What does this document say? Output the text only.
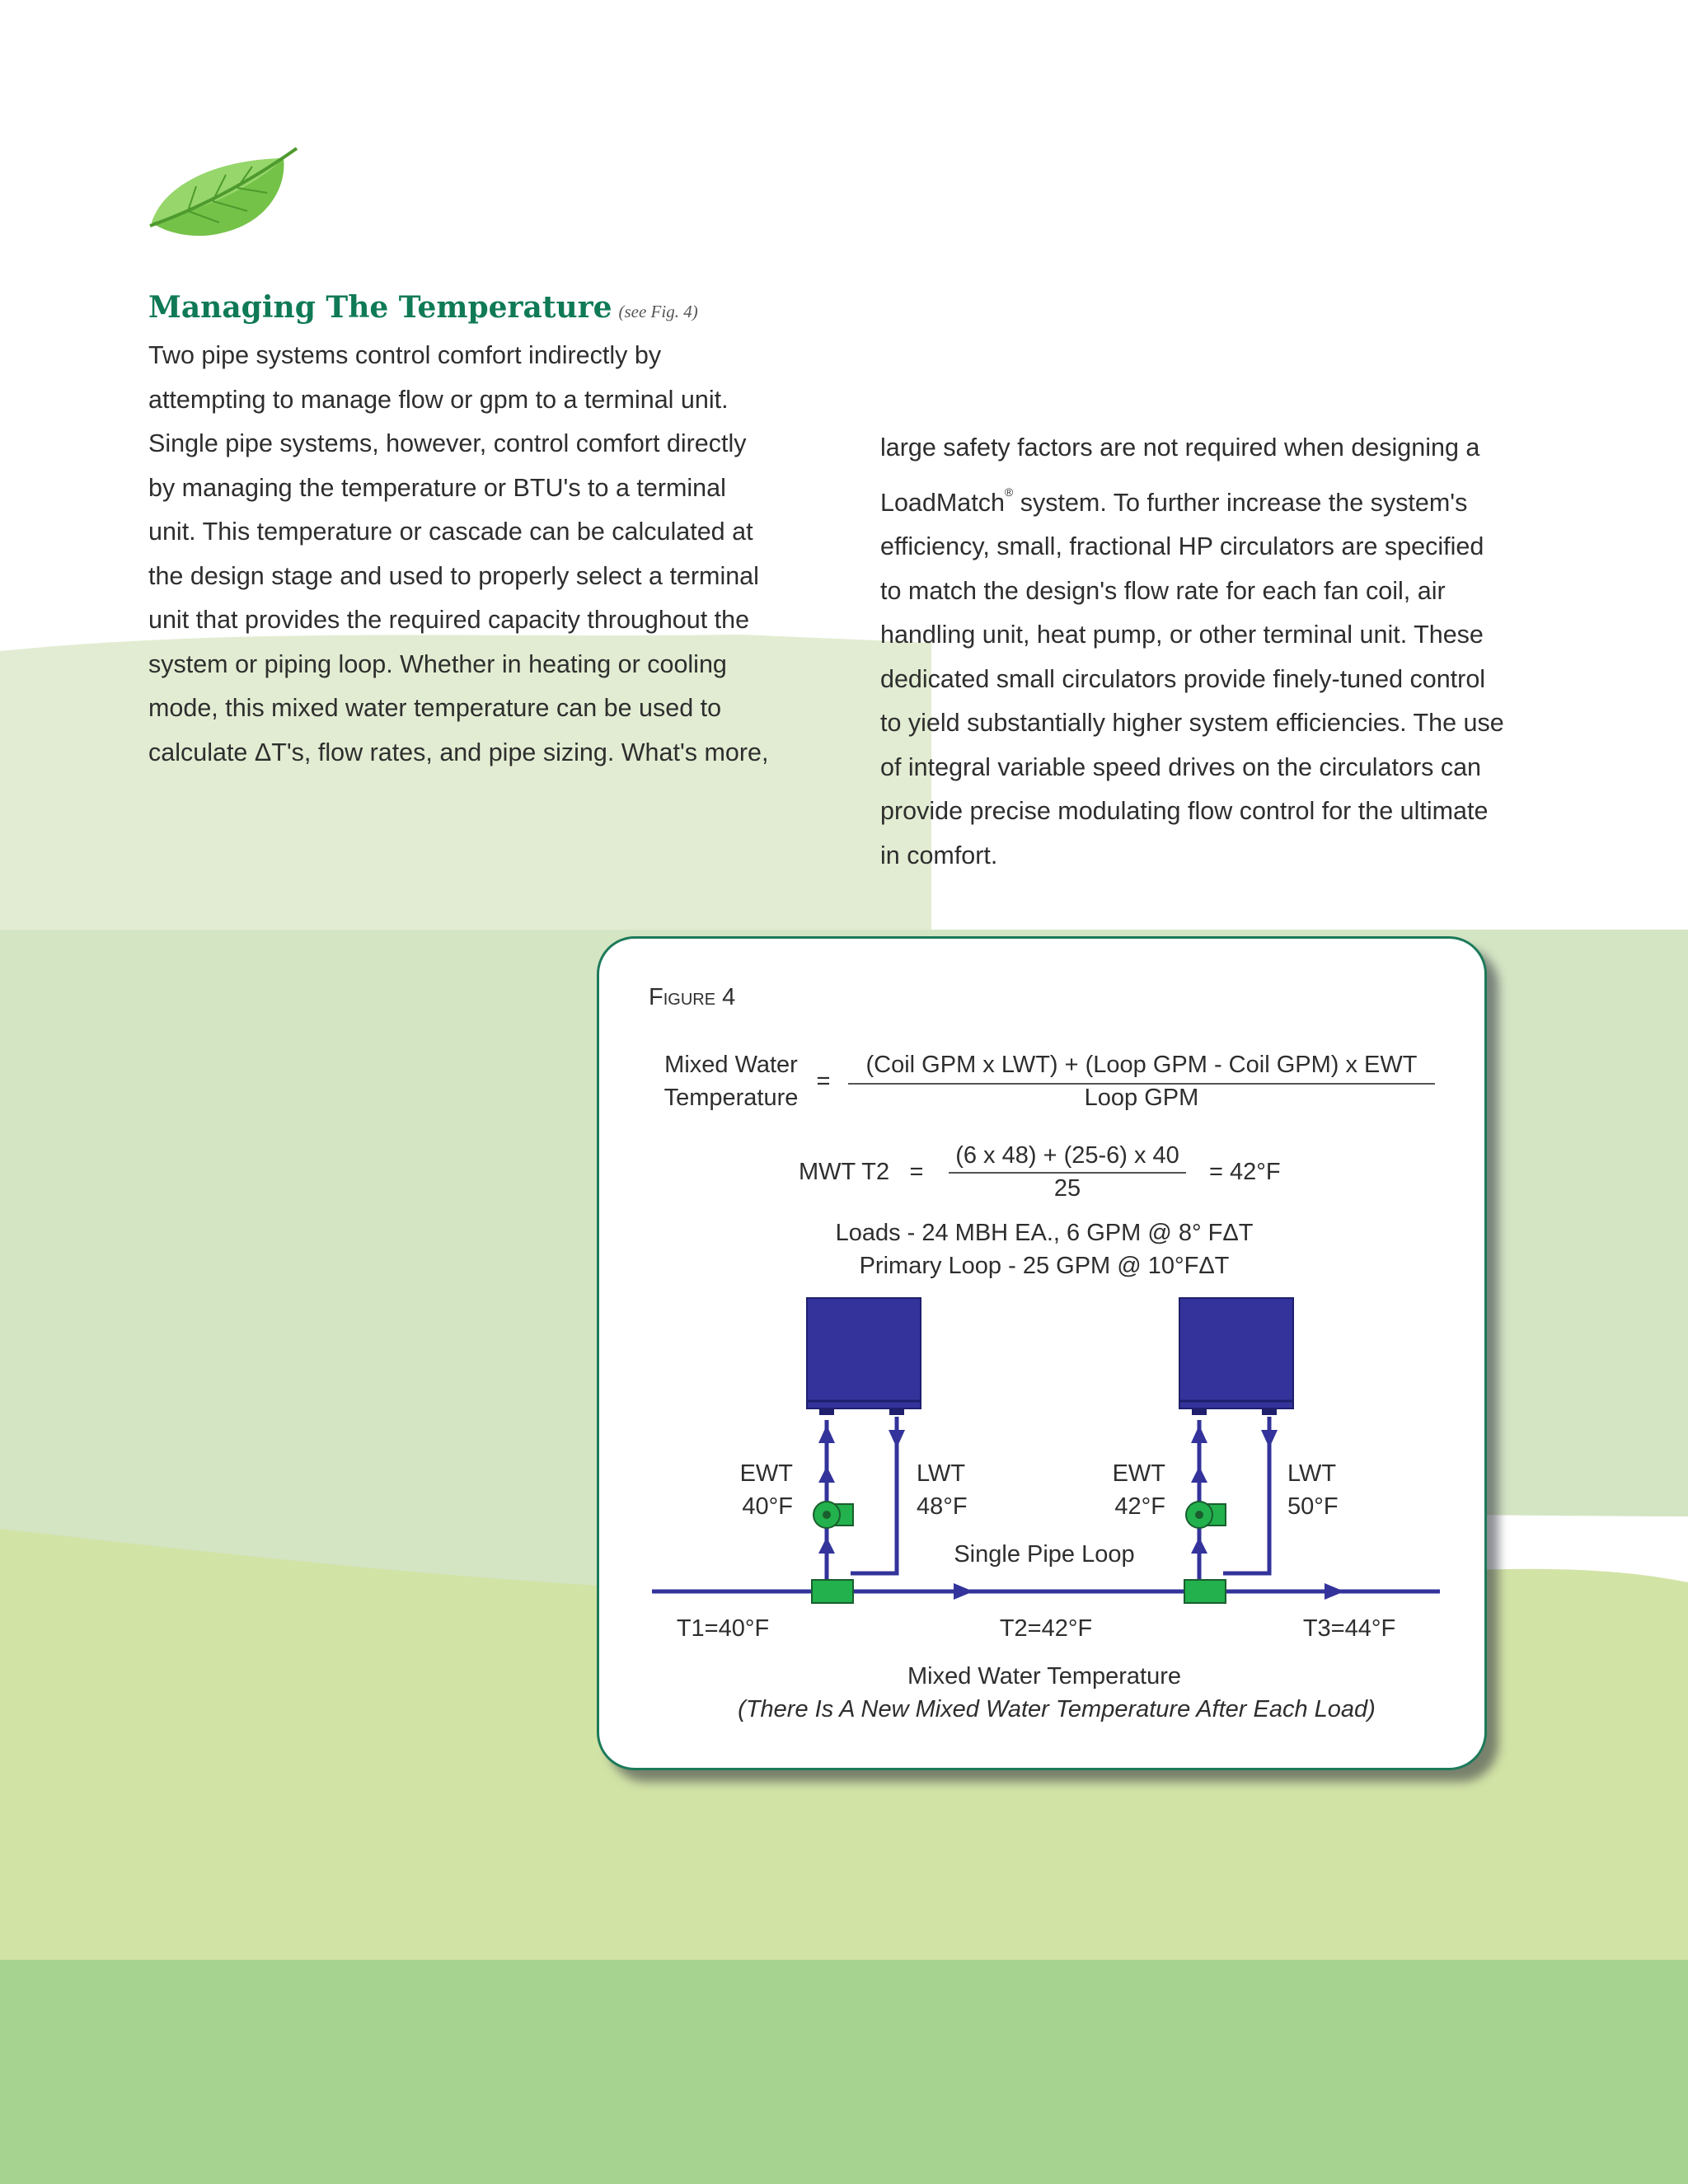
Managing The Temperature (see Fig. 4)
Two pipe systems control comfort indirectly by
attempting to manage flow or gpm to a terminal unit.
Single pipe systems, however, control comfort directly
by managing the temperature or BTU's to a terminal
unit. This temperature or cascade can be calculated at
the design stage and used to properly select a terminal
unit that provides the required capacity throughout the
system or piping loop. Whether in heating or cooling
mode, this mixed water temperature can be used to
calculate ΔT's, flow rates, and pipe sizing. What's more,
large safety factors are not required when designing a
LoadMatch® system. To further increase the system's
efficiency, small, fractional HP circulators are specified
to match the design's flow rate for each fan coil, air
handling unit, heat pump, or other terminal unit. These
dedicated small circulators provide finely-tuned control
to yield substantially higher system efficiencies. The use
of integral variable speed drives on the circulators can
provide precise modulating flow control for the ultimate
in comfort.
Figure 4
Mixed Water
Temperature
=
(Coil GPM x LWT) + (Loop GPM - Coil GPM) x EWT
Loop GPM
MWT T2 =
(6 x 48) + (25-6) x 40
25
= 42°F
Loads - 24 MBH EA., 6 GPM @ 8° FΔT
Primary Loop - 25 GPM @ 10°FΔT
EWT
40°F
LWT
48°F
EWT
42°F
LWT
50°F
Single Pipe Loop
T1=40°F	T2=42°F	T3=44°F
Mixed Water Temperature
(There Is A New Mixed Water Temperature After Each Load)
